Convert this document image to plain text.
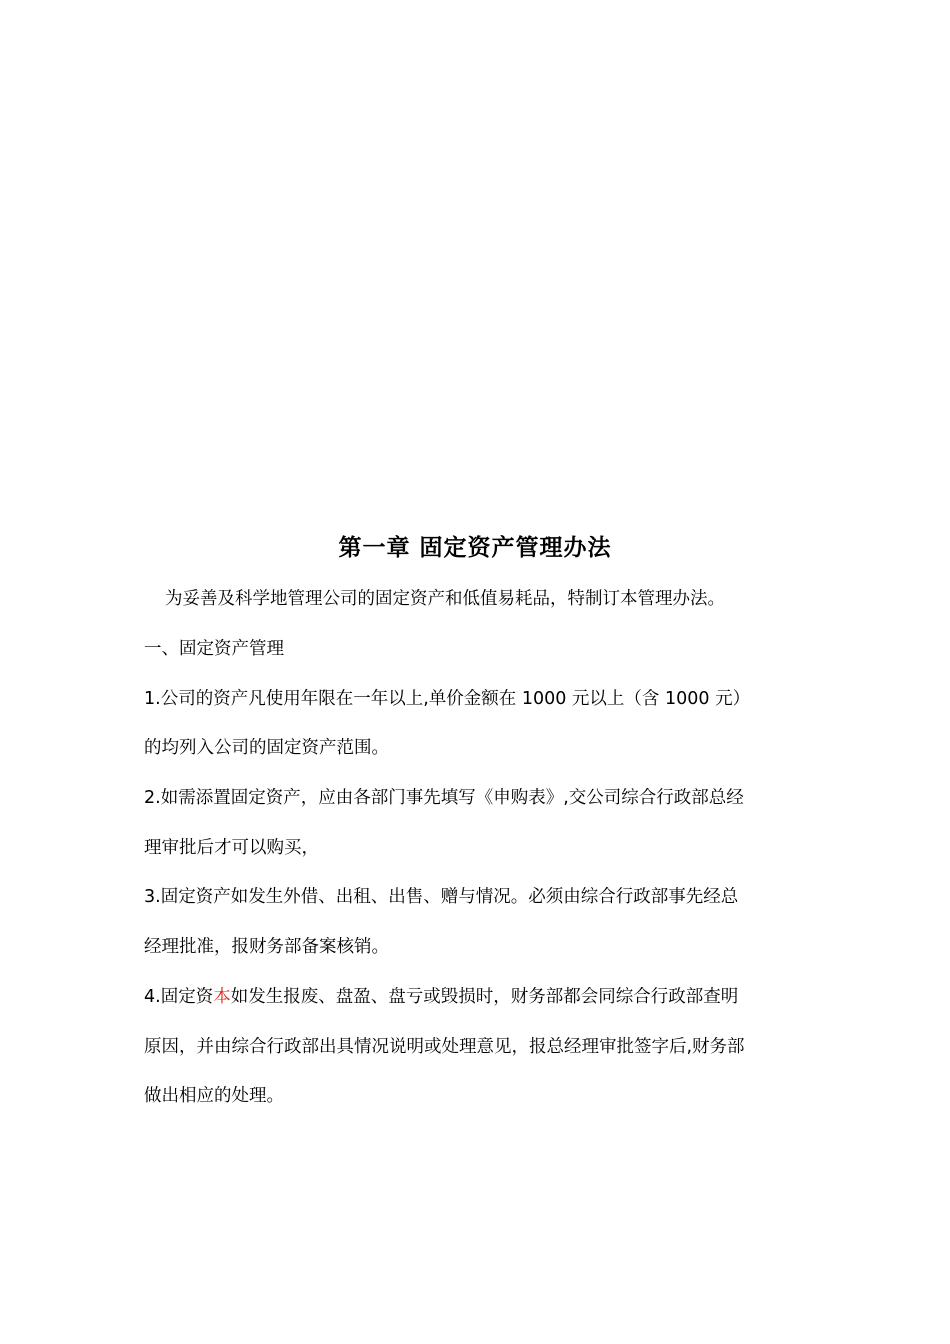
第一章 固定资产管理办法
为妥善及科学地管理公司的固定资产和低值易耗品，特制订本管理办法。
一、固定资产管理
1.公司的资产凡使用年限在一年以上,单价金额在 1000 元以上（含 1000 元）
的均列入公司的固定资产范围。
2.如需添置固定资产，应由各部门事先填写《申购表》,交公司综合行政部总经
理审批后才可以购买，
3.固定资产如发生外借、出租、出售、赠与情况。必须由综合行政部事先经总
经理批准，报财务部备案核销。
4.固定资本如发生报废、盘盈、盘亏或毁损时，财务部都会同综合行政部查明
原因，并由综合行政部出具情况说明或处理意见，报总经理审批签字后,财务部
做出相应的处理。
